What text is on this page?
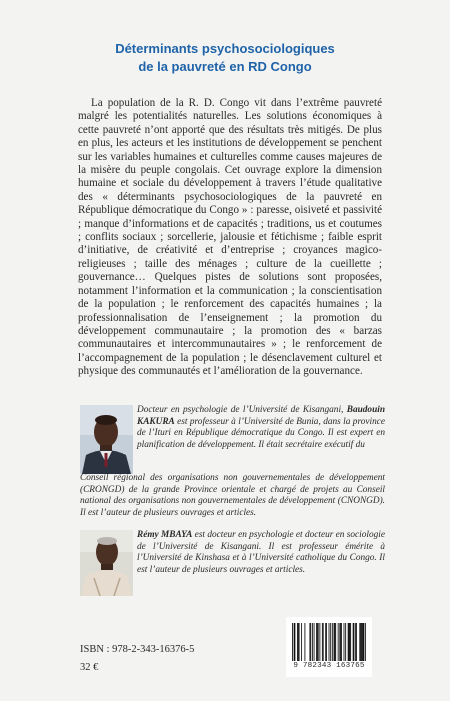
Déterminants psychosociologiques
de la pauvreté en RD Congo

La population de la R. D. Congo vit dans l’extrême pauvreté malgré les potentialités naturelles. Les solutions économiques à cette pauvreté n’ont apporté que des résultats très mitigés. De plus en plus, les acteurs et les institutions de développement se penchent sur les variables humaines et culturelles comme causes majeures de la misère du peuple congolais. Cet ouvrage explore la dimension humaine et sociale du développement à travers l’étude qualitative des « déterminants psychosociologiques de la pauvreté en République démocratique du Congo » : paresse, oisiveté et passivité ; manque d’informations et de capacités ; traditions, us et coutumes ; conflits sociaux ; sorcellerie, jalousie et fétichisme ; faible esprit d’initiative, de créativité et d’entreprise ; croyances magico-religieuses ; taille des ménages ; culture de la cueillette ; gouvernance… Quelques pistes de solutions sont proposées, notamment l’information et la communication ; la conscientisation de la population ; le renforcement des capacités humaines ; la professionnalisation de l’enseignement ; la promotion du développement communautaire ; la promotion des « barzas communautaires et intercommunautaires » ; le renforcement de l’accompagnement de la population ; le désenclavement culturel et physique des communautés et l’amélioration de la gouvernance.

Docteur en psychologie de l’Université de Kisangani, Baudouin KAKURA est professeur à l’Université de Bunia, dans la province de l’Ituri en République démocratique du Congo. Il est expert en planification de développement. Il était secrétaire exécutif du

Conseil régional des organisations non gouvernementales de développement (CRONGD) de la grande Province orientale et chargé de projets au Conseil national des organisations non gouvernementales de développement (CNONGD). Il est l’auteur de plusieurs ouvrages et articles.

Rémy MBAYA est docteur en psychologie et docteur en sociologie de l’Université de Kisangani. Il est professeur émérite à l’Université de Kinshasa et à l’Université catholique du Congo. Il est l’auteur de plusieurs ouvrages et articles.

ISBN : 978-2-343-16376-5
32 €	9 782343 163765
